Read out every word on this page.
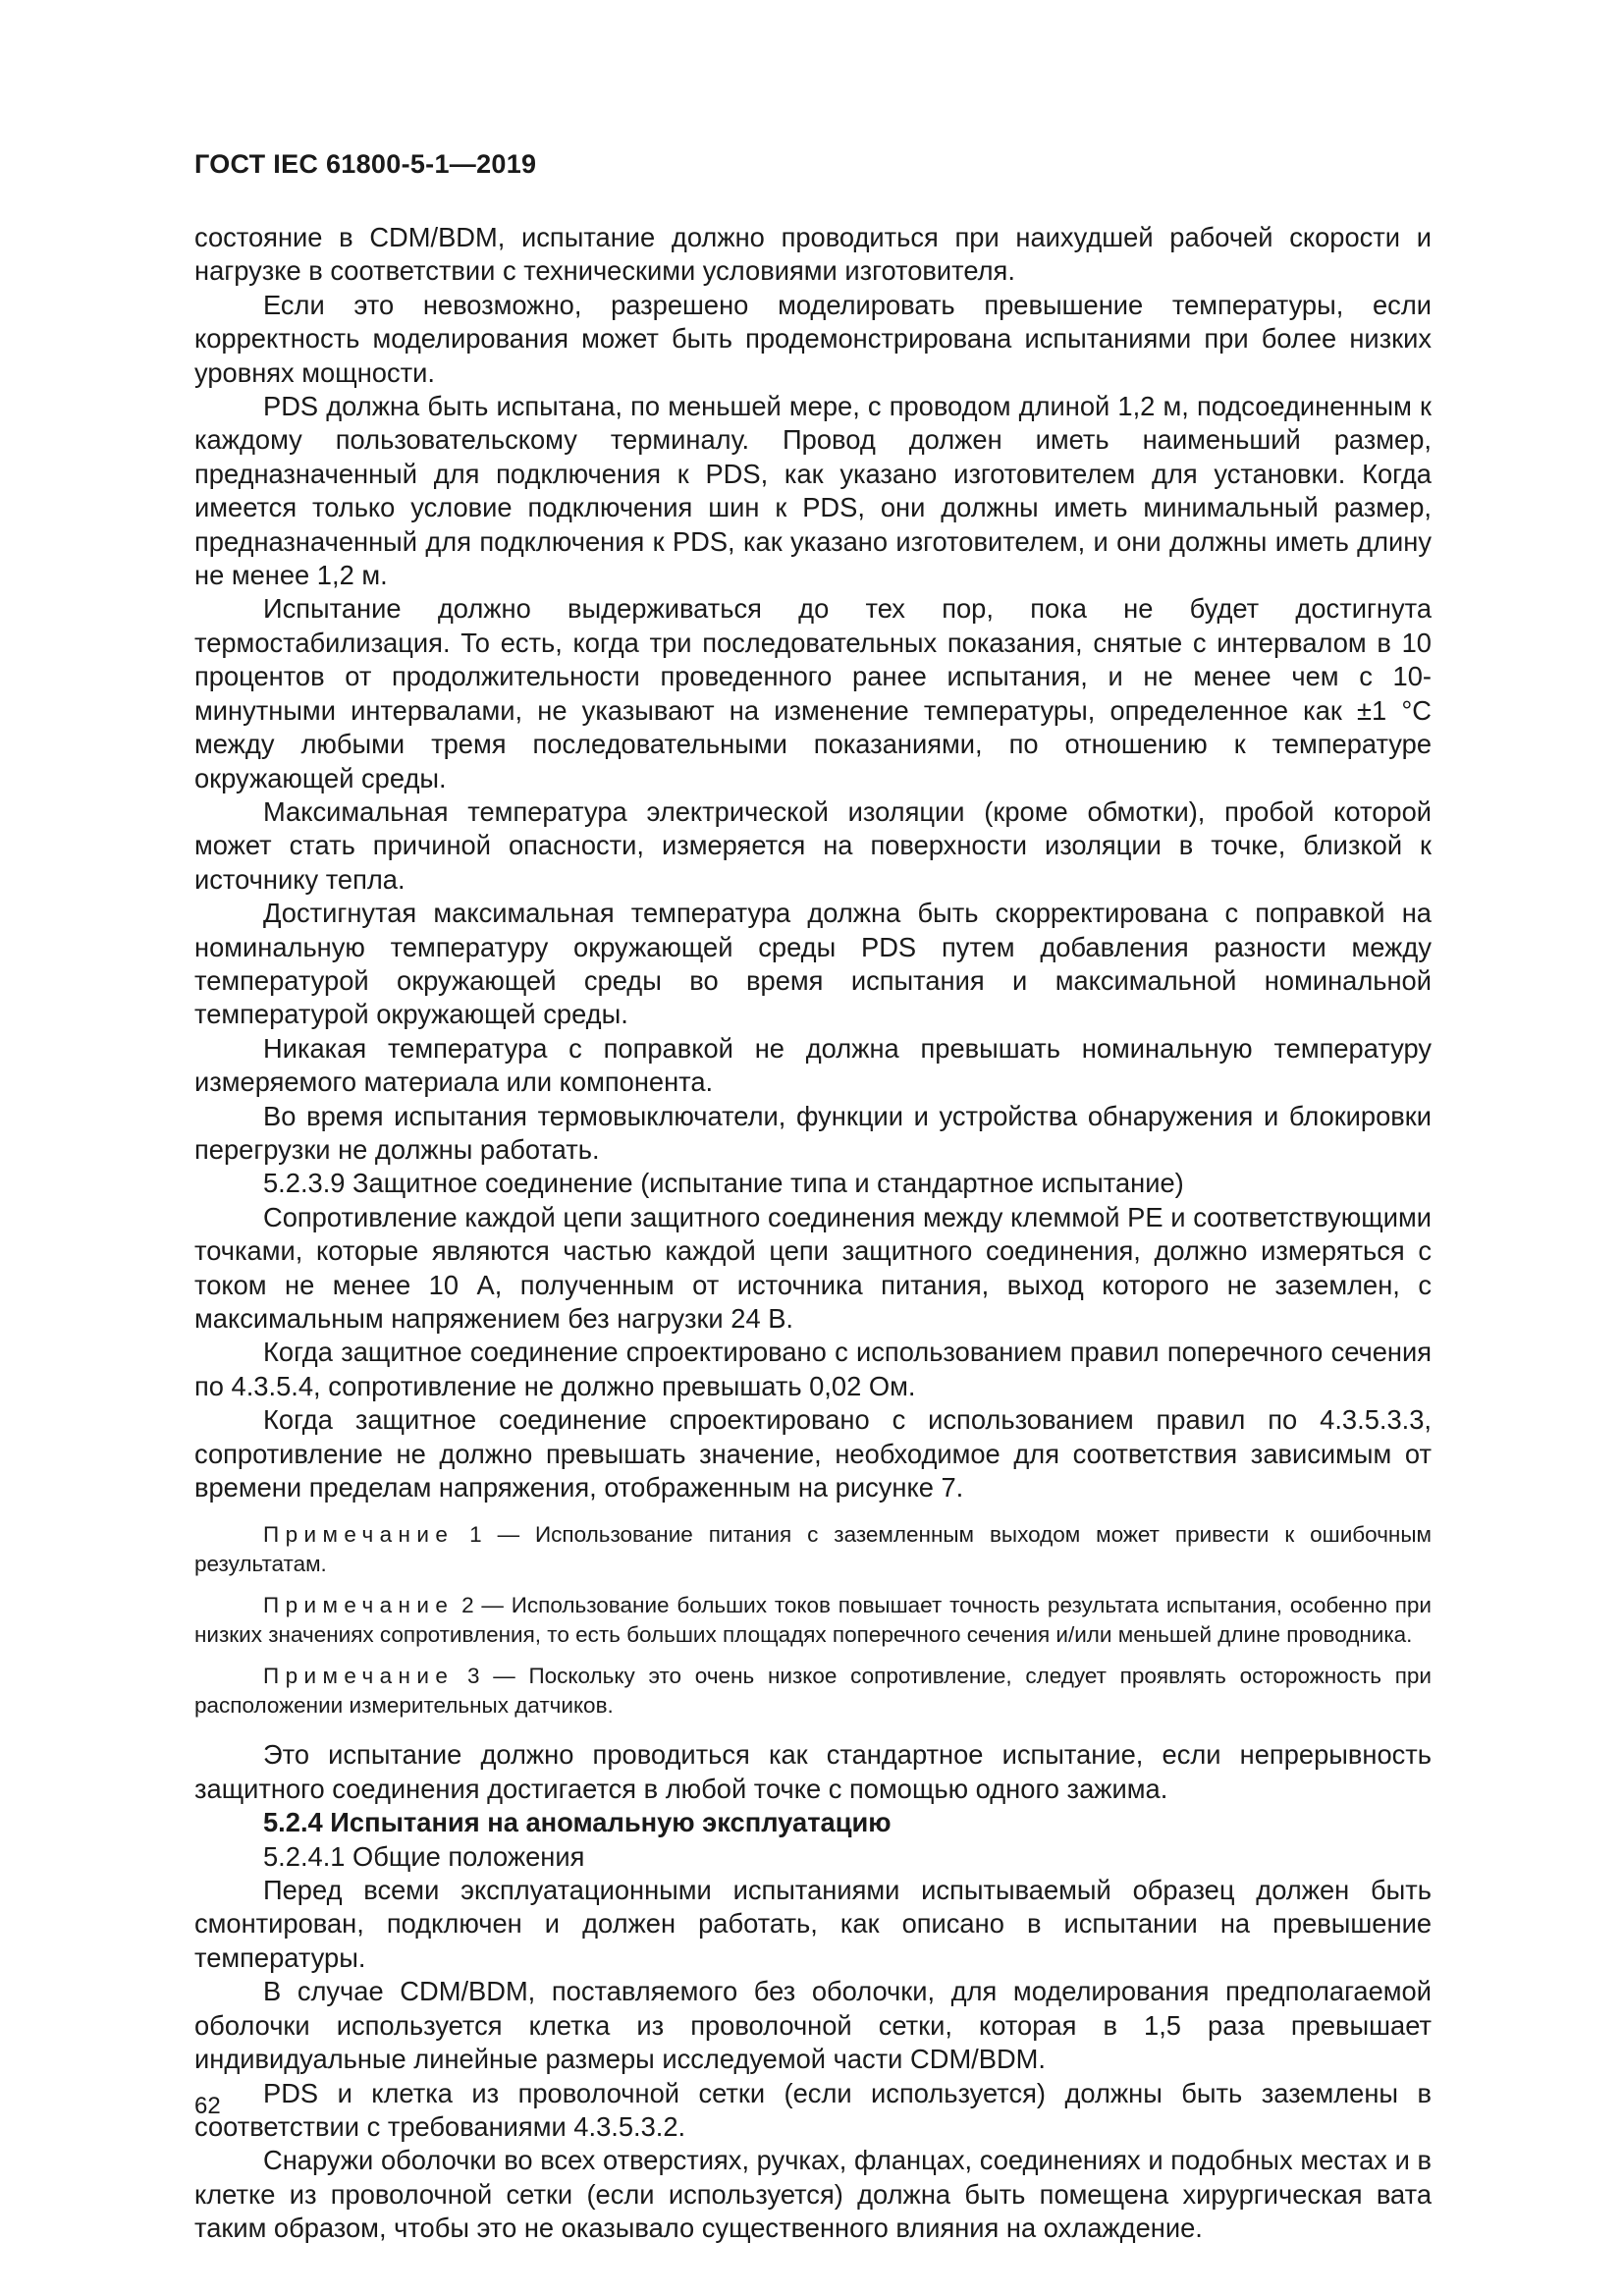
ГОСТ IEC 61800-5-1—2019

состояние в CDM/BDM, испытание должно проводиться при наихудшей рабочей скорости и нагрузке в соответствии с техническими условиями изготовителя.

Если это невозможно, разрешено моделировать превышение температуры, если корректность моделирования может быть продемонстрирована испытаниями при более низких уровнях мощности.

PDS должна быть испытана, по меньшей мере, с проводом длиной 1,2 м, подсоединенным к каждому пользовательскому терминалу. Провод должен иметь наименьший размер, предназначенный для подключения к PDS, как указано изготовителем для установки. Когда имеется только условие подключения шин к PDS, они должны иметь минимальный размер, предназначенный для подключения к PDS, как указано изготовителем, и они должны иметь длину не менее 1,2 м.

Испытание должно выдерживаться до тех пор, пока не будет достигнута термостабилизация. То есть, когда три последовательных показания, снятые с интервалом в 10 процентов от продолжительности проведенного ранее испытания, и не менее чем с 10-минутными интервалами, не указывают на изменение температуры, определенное как ±1 °С между любыми тремя последовательными показаниями, по отношению к температуре окружающей среды.

Максимальная температура электрической изоляции (кроме обмотки), пробой которой может стать причиной опасности, измеряется на поверхности изоляции в точке, близкой к источнику тепла.

Достигнутая максимальная температура должна быть скорректирована с поправкой на номинальную температуру окружающей среды PDS путем добавления разности между температурой окружающей среды во время испытания и максимальной номинальной температурой окружающей среды.

Никакая температура с поправкой не должна превышать номинальную температуру измеряемого материала или компонента.

Во время испытания термовыключатели, функции и устройства обнаружения и блокировки перегрузки не должны работать.

5.2.3.9 Защитное соединение (испытание типа и стандартное испытание)

Сопротивление каждой цепи защитного соединения между клеммой PE и соответствующими точками, которые являются частью каждой цепи защитного соединения, должно измеряться с током не менее 10 А, полученным от источника питания, выход которого не заземлен, с максимальным напряжением без нагрузки 24 В.

Когда защитное соединение спроектировано с использованием правил поперечного сечения по 4.3.5.4, сопротивление не должно превышать 0,02 Ом.

Когда защитное соединение спроектировано с использованием правил по 4.3.5.3.3, сопротивление не должно превышать значение, необходимое для соответствия зависимым от времени пределам напряжения, отображенным на рисунке 7.

Примечание 1 — Использование питания с заземленным выходом может привести к ошибочным результатам.

Примечание 2 — Использование больших токов повышает точность результата испытания, особенно при низких значениях сопротивления, то есть больших площадях поперечного сечения и/или меньшей длине проводника.

Примечание 3 — Поскольку это очень низкое сопротивление, следует проявлять осторожность при расположении измерительных датчиков.

Это испытание должно проводиться как стандартное испытание, если непрерывность защитного соединения достигается в любой точке с помощью одного зажима.

5.2.4 Испытания на аномальную эксплуатацию

5.2.4.1 Общие положения

Перед всеми эксплуатационными испытаниями испытываемый образец должен быть смонтирован, подключен и должен работать, как описано в испытании на превышение температуры.

В случае CDM/BDM, поставляемого без оболочки, для моделирования предполагаемой оболочки используется клетка из проволочной сетки, которая в 1,5 раза превышает индивидуальные линейные размеры исследуемой части CDM/BDM.

PDS и клетка из проволочной сетки (если используется) должны быть заземлены в соответствии с требованиями 4.3.5.3.2.

Снаружи оболочки во всех отверстиях, ручках, фланцах, соединениях и подобных местах и в клетке из проволочной сетки (если используется) должна быть помещена хирургическая вата таким образом, чтобы это не оказывало существенного влияния на охлаждение.

62
